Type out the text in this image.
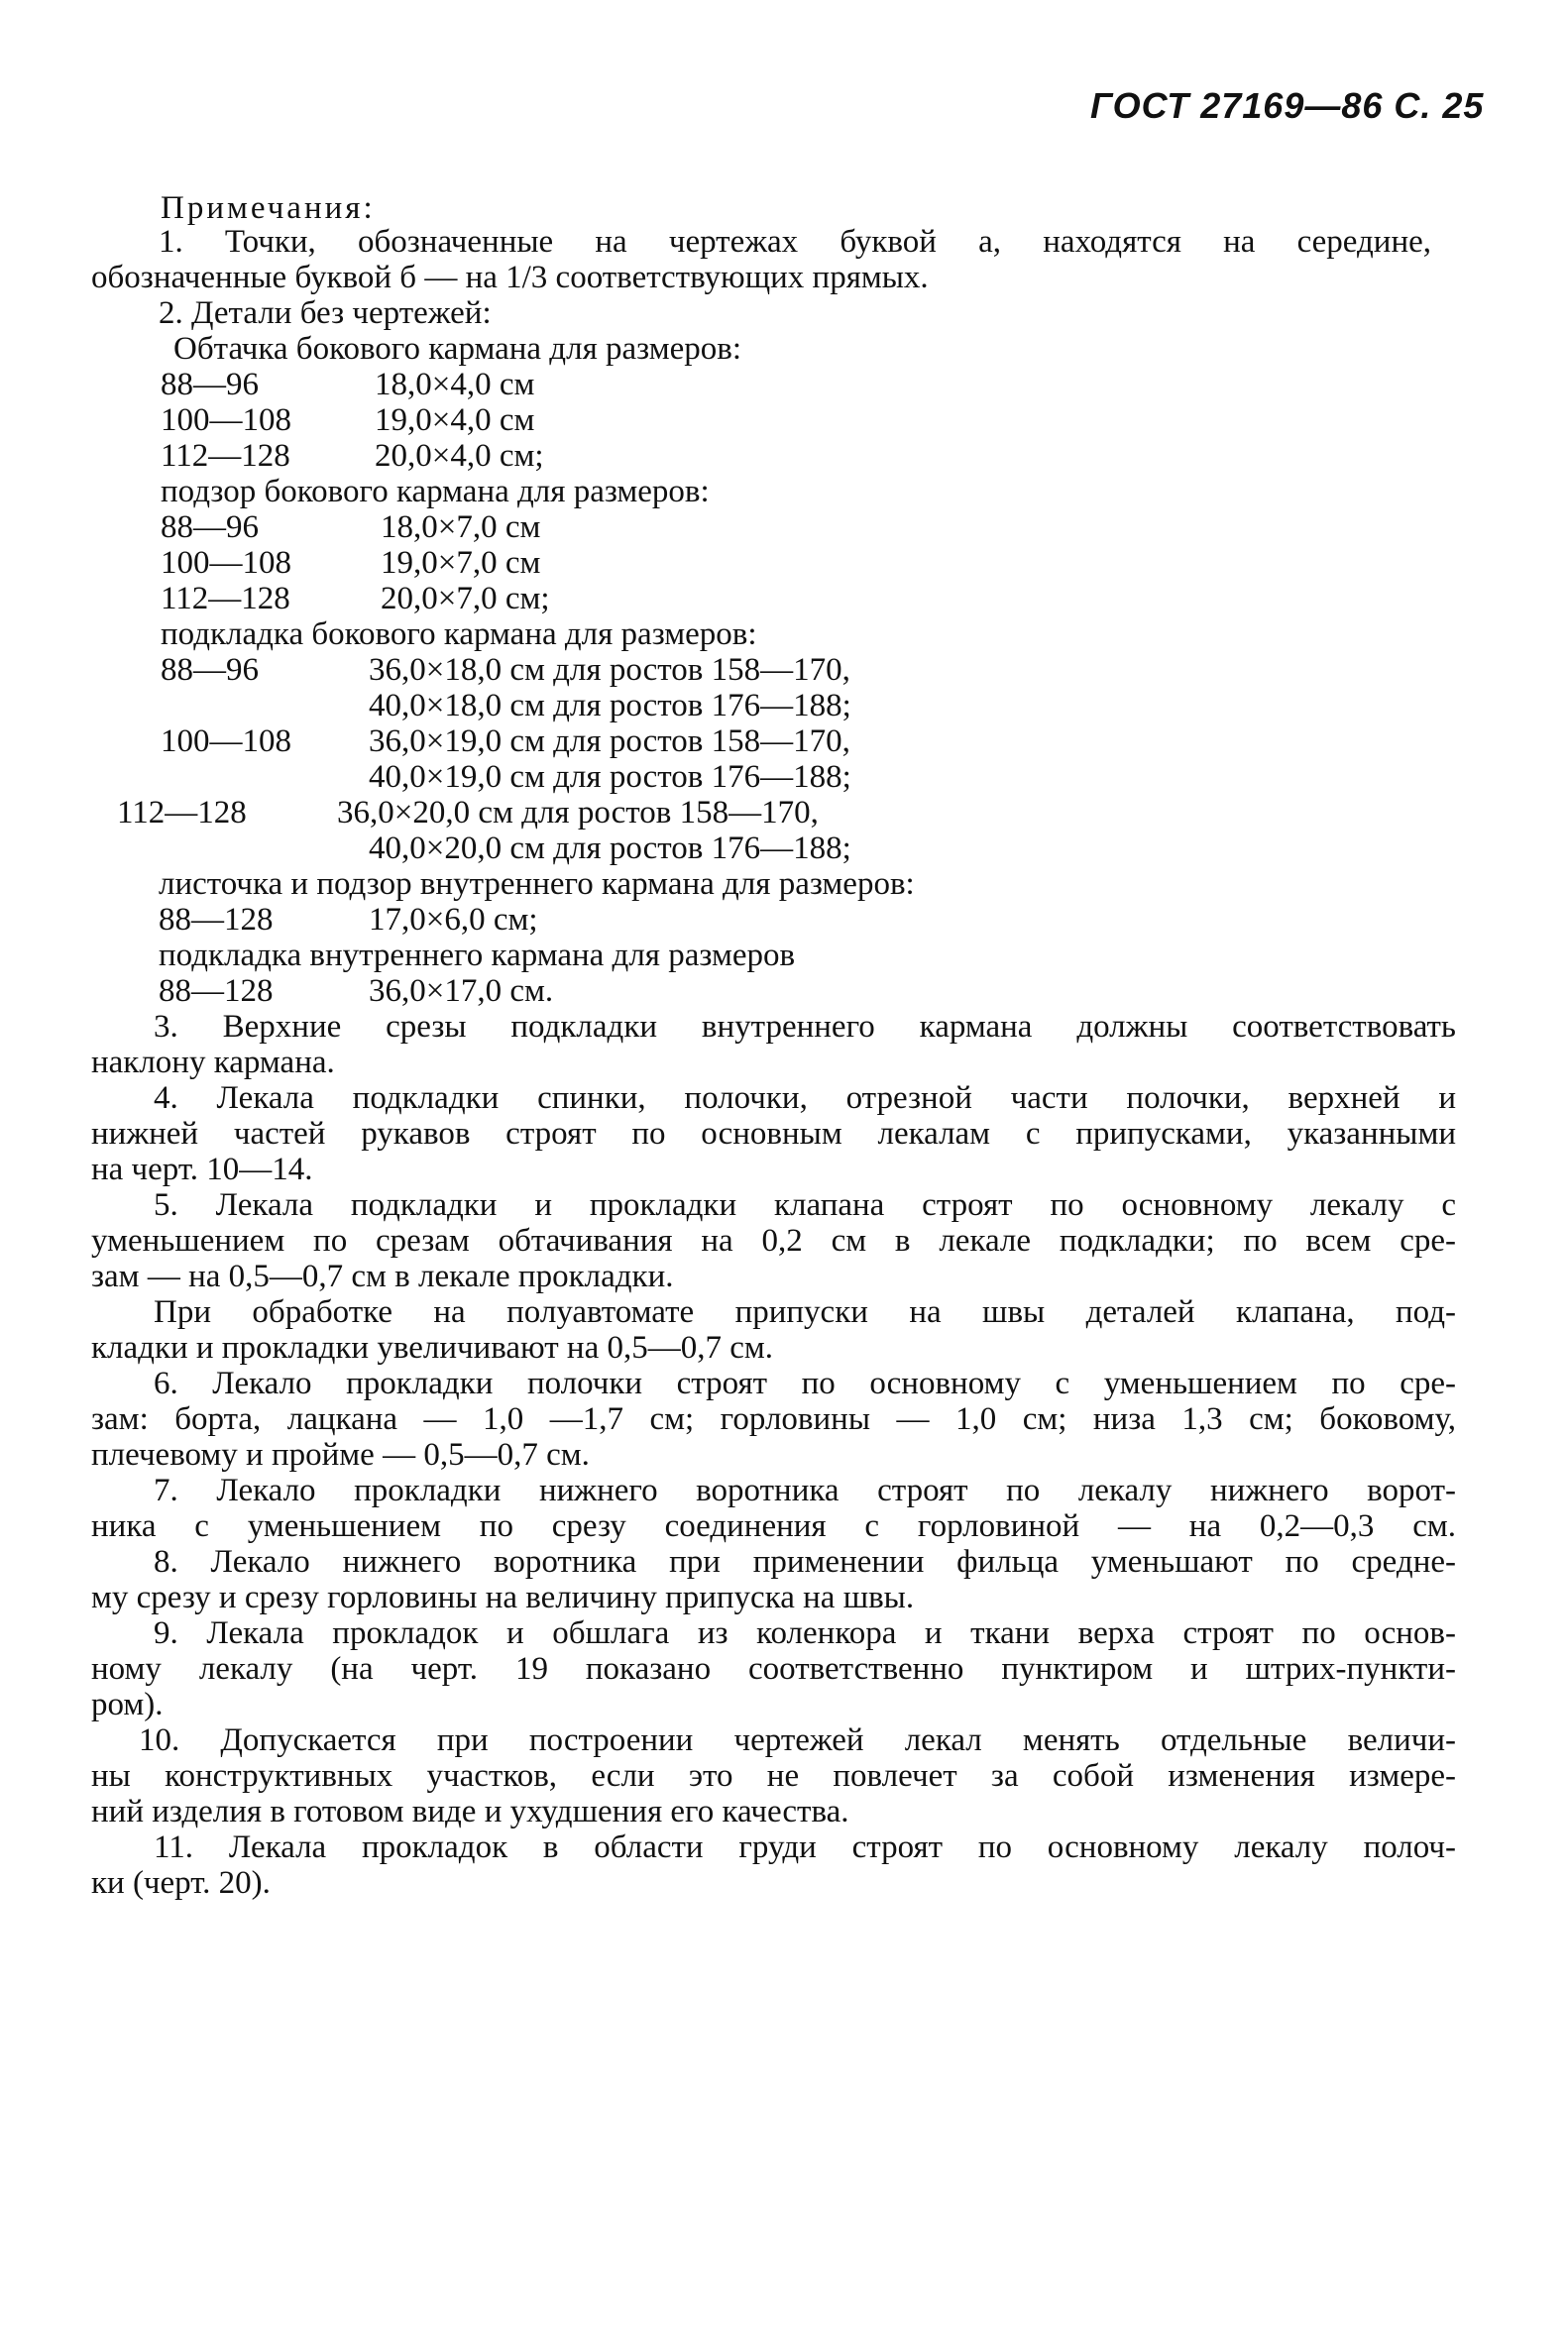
ГОСТ 27169—86 С. 25
Примечания:
1. Точки, обозначенные на чертежах буквой а, находятся на середине,
обозначенные буквой б — на 1/3 соответствующих прямых.
2. Детали без чертежей:
Обтачка бокового кармана для размеров:
88—96	18,0×4,0 см
100—108	19,0×4,0 см
112—128	20,0×4,0 см;
подзор бокового кармана для размеров:
88—96	18,0×7,0 см
100—108	19,0×7,0 см
112—128	20,0×7,0 см;
подкладка бокового кармана для размеров:
88—96	36,0×18,0 см для ростов 158—170,
40,0×18,0 см для ростов 176—188;
100—108 36,0×19,0 см для ростов 158—170,
40,0×19,0 см для ростов 176—188;
112—128	36,0×20,0 см для ростов 158—170,
40,0×20,0 см для ростов 176—188;
листочка и подзор внутреннего кармана для размеров:
88—128	17,0×6,0 см;
подкладка внутреннего кармана для размеров
88—128	36,0×17,0 см.
3. Верхние срезы подкладки внутреннего кармана должны соответствовать
наклону кармана.
4. Лекала подкладки спинки, полочки, отрезной части полочки, верхней и
нижней частей рукавов строят по основным лекалам с припусками, указанными
на черт. 10—14.
5. Лекала подкладки и прокладки клапана строят по основному лекалу с
уменьшением по срезам обтачивания на 0,2 см в лекале подкладки; по всем сре-
зам — на 0,5—0,7 см в лекале прокладки.
При обработке на полуавтомате припуски на швы деталей клапана, под-
кладки и прокладки увеличивают на 0,5—0,7 см.
6. Лекало прокладки полочки строят по основному с уменьшением по сре-
зам: борта, лацкана — 1,0 —1,7 см; горловины — 1,0 см; низа 1,3 см; боковому,
плечевому и пройме — 0,5—0,7 см.
7. Лекало прокладки нижнего воротника строят по лекалу нижнего ворот-
ника с уменьшением по срезу соединения с горловиной — на 0,2—0,3 см.
8. Лекало нижнего воротника при применении фильца уменьшают по средне-
му срезу и срезу горловины на величину припуска на швы.
9. Лекала прокладок и обшлага из коленкора и ткани верха строят по основ-
ному лекалу (на черт. 19 показано соответственно пунктиром и штрих-пункти-
ром).
10. Допускается при построении чертежей лекал менять отдельные величи-
ны конструктивных участков, если это не повлечет за собой изменения измере-
ний изделия в готовом виде и ухудшения его качества.
11. Лекала прокладок в области груди строят по основному лекалу полоч-
ки (черт. 20).
